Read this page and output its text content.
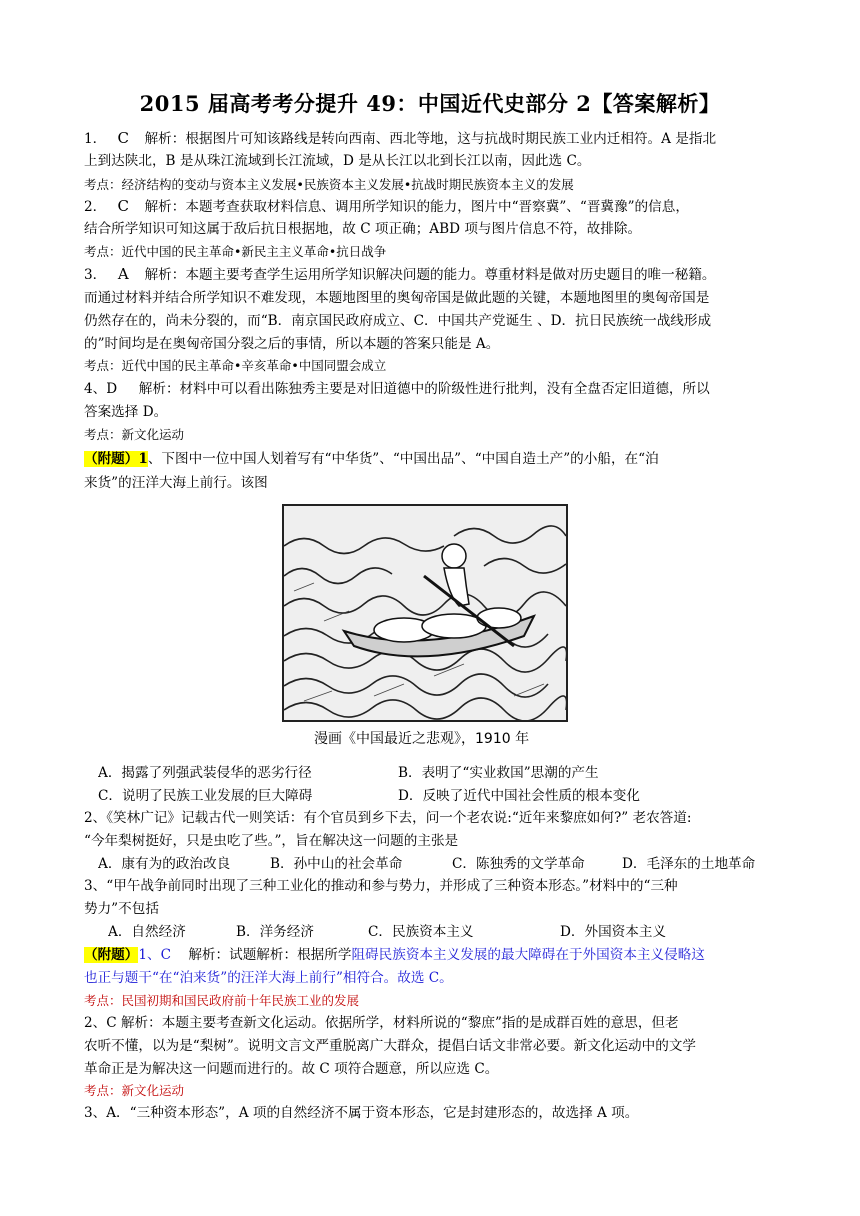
2015 届高考考分提升 49：中国近代史部分 2【答案解析】
1． C 解析：根据图片可知该路线是转向西南、西北等地，这与抗战时期民族工业内迁相符。A 是指北
上到达陕北，B 是从珠江流域到长江流域，D 是从长江以北到长江以南，因此选 C。
考点：经济结构的变动与资本主义发展•民族资本主义发展•抗战时期民族资本主义的发展
2． C 解析：本题考查获取材料信息、调用所学知识的能力，图片中“晋察冀”、“晋冀豫”的信息，
结合所学知识可知这属于敌后抗日根据地，故 C 项正确；ABD 项与图片信息不符，故排除。
考点：近代中国的民主革命•新民主主义革命•抗日战争
3． A 解析：本题主要考查学生运用所学知识解决问题的能力。尊重材料是做对历史题目的唯一秘籍。
而通过材料并结合所学知识不难发现，本题地图里的奥匈帝国是做此题的关键，本题地图里的奥匈帝国是
仍然存在的，尚未分裂的，而“B．南京国民政府成立、C．中国共产党诞生 、D．抗日民族统一战线形成
的”时间均是在奥匈帝国分裂之后的事情，所以本题的答案只能是 A。
考点：近代中国的民主革命•辛亥革命•中国同盟会成立
4、D 解析：材料中可以看出陈独秀主要是对旧道德中的阶级性进行批判，没有全盘否定旧道德，所以
答案选择 D。
考点：新文化运动
（附题）1、下图中一位中国人划着写有“中华货”、“中国出品”、“中国自造土产”的小船，在“泊
来货”的汪洋大海上前行。该图
漫画《中国最近之悲观》，1910 年
A．揭露了列强武装侵华的恶劣行径	B．表明了“实业救国”思潮的产生
C．说明了民族工业发展的巨大障碍	D．反映了近代中国社会性质的根本变化
2、《笑林广记》记载古代一则笑话：有个官员到乡下去，问一个老农说:“近年来黎庶如何?” 老农答道:
“今年梨树挺好，只是虫吃了些。”，旨在解决这一问题的主张是
A．康有为的政治改良	B．孙中山的社会革命	C．陈独秀的文学革命	D．毛泽东的土地革命
3、“甲午战争前同时出现了三种工业化的推动和参与势力，并形成了三种资本形态。”材料中的“三种
势力”不包括
A．自然经济	B．洋务经济	C．民族资本主义	D．外国资本主义
（附题）1、C 解析：试题解析：根据所学阻碍民族资本主义发展的最大障碍在于外国资本主义侵略这
也正与题干“在“泊来货”的汪洋大海上前行”相符合。故选 C。
考点：民国初期和国民政府前十年民族工业的发展
2、C 解析：本题主要考查新文化运动。依据所学，材料所说的“黎庶”指的是成群百姓的意思，但老
农听不懂，以为是“梨树”。说明文言文严重脱离广大群众，提倡白话文非常必要。新文化运动中的文学
革命正是为解决这一问题而进行的。故 C 项符合题意，所以应选 C。
考点：新文化运动
3、A．“三种资本形态”，A 项的自然经济不属于资本形态，它是封建形态的，故选择 A 项。
